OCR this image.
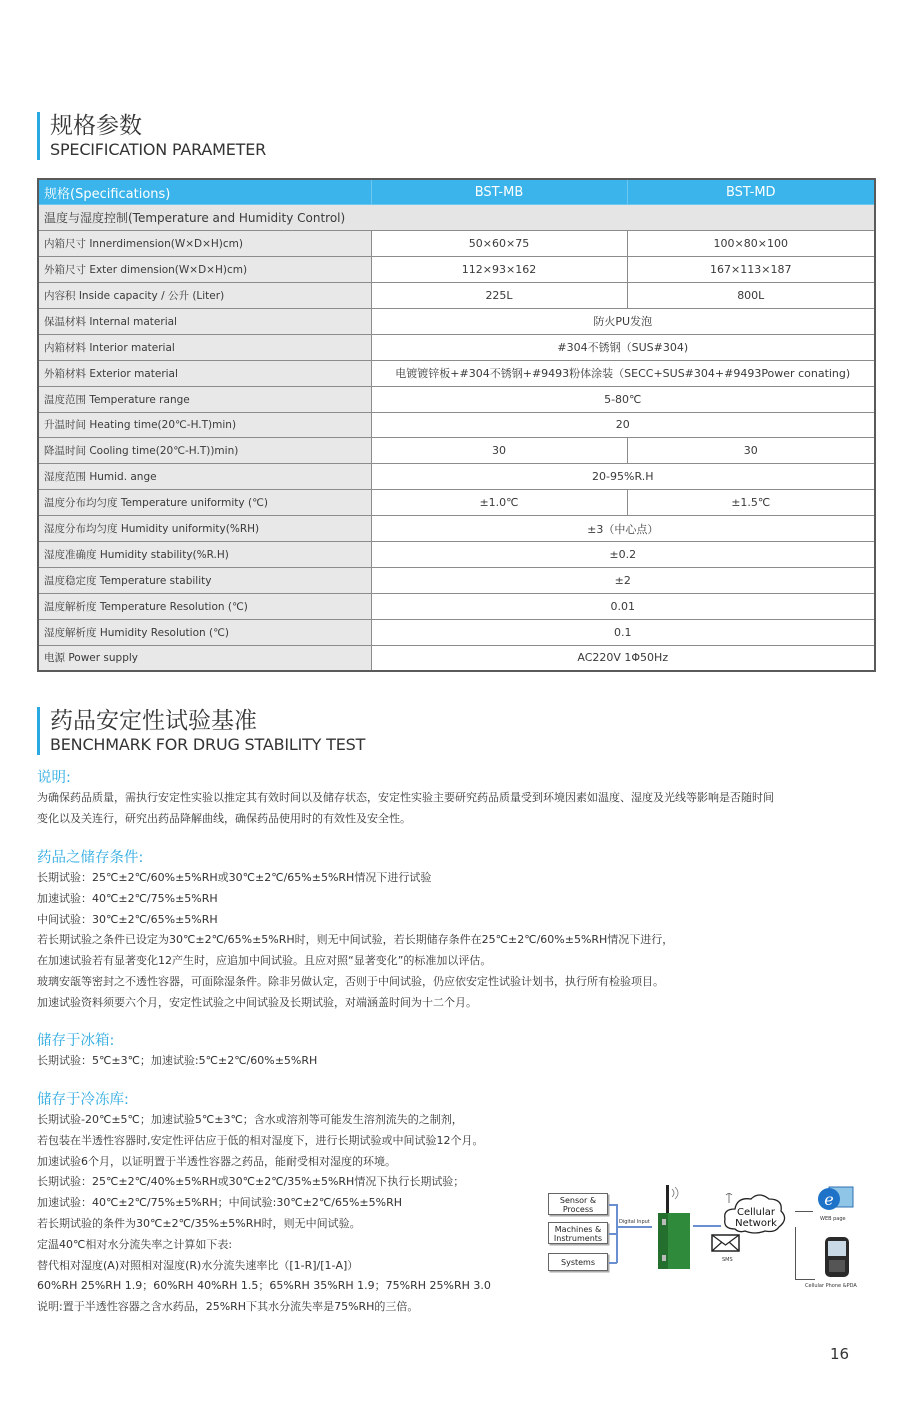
规格参数
SPECIFICATION PARAMETER
规格(Specifications)	BST-MB	BST-MD
温度与湿度控制(Temperature and Humidity Control)		
内箱尺寸 Innerdimension(W×D×H)cm)	50×60×75	100×80×100
外箱尺寸 Exter dimension(W×D×H)cm)	112×93×162	167×113×187
内容积 Inside capacity / 公升 (Liter)	225L	800L
保温材料 Internal material	防火PU发泡	
内箱材料 Interior material	#304不锈钢（SUS#304)	
外箱材料 Exterior material	电镀镀锌板+#304不锈钢+#9493粉体涂装（SECC+SUS#304+#9493Power conating)	
温度范围 Temperature range	5-80℃	
升温时间 Heating time(20℃-H.T)min)	20	
降温时间 Cooling time(20℃-H.T))min)	30	30
湿度范围 Humid. ange	20-95%R.H	
温度分布均匀度 Temperature uniformity (℃)	±1.0℃	±1.5℃
湿度分布均匀度 Humidity uniformity(%RH)	±3（中心点）	
湿度准确度 Humidity stability(%R.H)	±0.2	
温度稳定度 Temperature stability	±2	
温度解析度 Temperature Resolution (℃)	0.01	
湿度解析度 Humidity Resolution (℃)	0.1	
电源 Power supply	AC220V 1Φ50Hz	
药品安定性试验基准
BENCHMARK FOR DRUG STABILITY TEST
说明:
为确保药品质量，需执行安定性实验以推定其有效时间以及储存状态，安定性实验主要研究药品质量受到环境因素如温度、湿度及光线等影响是否随时间
变化以及关连行，研究出药品降解曲线，确保药品使用时的有效性及安全性。
药品之储存条件:
长期试验：25℃±2℃/60%±5%RH或30℃±2℃/65%±5%RH情况下进行试验
加速试验：40℃±2℃/75%±5%RH
中间试验：30℃±2℃/65%±5%RH
若长期试验之条件已设定为30℃±2℃/65%±5%RH时，则无中间试验，若长期储存条件在25℃±2℃/60%±5%RH情况下进行，
在加速试验若有显著变化12产生时，应追加中间试验。且应对照“显著变化”的标准加以评估。
玻璃安瓿等密封之不透性容器，可面除湿条件。除非另做认定，否则于中间试验，仍应依安定性试验计划书，执行所有检验项目。
加速试验资料须要六个月，安定性试验之中间试验及长期试验，对端涵盖时间为十二个月。
储存于冰箱:
长期试验：5℃±3℃；加速试验:5℃±2℃/60%±5%RH
储存于冷冻库:
长期试验-20℃±5℃；加速试验5℃±3℃；含水或溶剂等可能发生溶剂流失的之制剂，
若包装在半透性容器时,安定性评估应于低的相对湿度下，进行长期试验或中间试验12个月。
加速试验6个月，以证明置于半透性容器之药品，能耐受相对湿度的环境。
长期试验：25℃±2℃/40%±5%RH或30℃±2℃/35%±5%RH情况下执行长期试验；
加速试验：40℃±2℃/75%±5%RH；中间试验:30℃±2℃/65%±5%RH
若长期试验的条件为30℃±2℃/35%±5%RH时，则无中间试验。
定温40℃相对水分流失率之计算如下表:
替代相对湿度(A)对照相对湿度(R)水分流失速率比（[1-R]/[1-A]）
60%RH 25%RH 1.9；60%RH 40%RH 1.5；65%RH 35%RH 1.9；75%RH 25%RH 3.0
说明:置于半透性容器之含水药品，25%RH下其水分流失率是75%RH的三倍。
Sensor &
Process
Machines &
Instruments
Systems
Digital Input
SMS
Cellular
Network
e
WEB page
Cellular Phone &PDA
16
